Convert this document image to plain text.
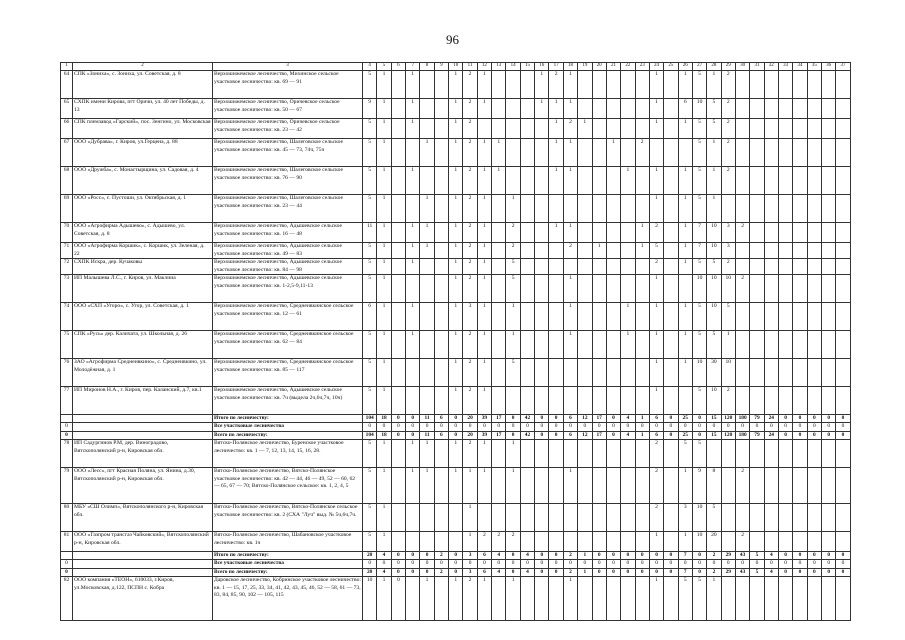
96
1	2	3	4	5	6	7	8	9	10	11	12	13	14	15	16	17	18	19	20	21	22	23	24	25	26	27	28	29	30	31	32	33	34	35	36	37
64	СПК «Зониха», с. Зониха, ул. Советская, д. 8	Верхошижемское лесничество, Михинское сельское участковое лесничество: кв. 69 — 91	5	1		1			1	2	1				1	2	1						1		1	5	1	2								
65	СХПК имени Кирова, пгт Оричи, ул. 40 лет Победы, д. 13	Верхошижемское лесничество, Оричевское сельское участковое лесничество: кв. 50 — 67	9	1		1			1	2	1				1	1	1						1		6	10	5	2								
66	СПК племзавод «Гарский», пос. Зенгино, ул. Московская	Верхошижемское лесничество, Оричевское сельское участковое лесничество: кв. 23 — 42	5	1		1			1	2						1	2	1					1		1	5	5	2								
67	ООО «Дубрава», г. Киров, ул.Герцена, д. 88	Верхошижемское лесничество, Шалеговское сельское участковое лесничество: кв. 45 — 73, 74ч, 75ч	5	1			1		1	2	1	1				1	1			1		2				5	1	2								
68	ООО «Дружба», с. Монастырщина, ул. Садовая, д. 4	Верхошижемское лесничество, Шалеговское сельское участковое лесничество: кв. 76 — 90	5	1		1			1	2	1	1				1	1				1		1		1	5	1	2								
69	ООО «Росс», с. Пустоши, ул. Октябрьская, д. 1	Верхошижемское лесничество, Шалеговское сельское участковое лесничество: кв. 23 — 44	5	1			1		1	2	1		1										1		1	5	1									
70	ООО «Агрофирма Адышево», с. Адышево, ул. Советская, д. 8	Верхошижемское лесничество, Адышевское сельское участковое лесничество: кв. 16 — 48	11	1		1	1		1	2	1		2			1	1					1	2		1	7	10	3	2							
71	ООО «Агрофирма Коршик», с. Коршик, ул. Зеленая, д. 22	Верхошижемское лесничество, Адышевское сельское участковое лесничество: кв. 49 — 83	5	1		1	1		1	2	1		2				2		1			1	5		1	7	10	3								
72	СХПК Искра, дер. Кучаковы	Верхошижемское лесничество, Адышевское сельское участковое лесничество: кв. 84 — 98	5	1		1			1	2	1		5										2		1	5	5	2								
73	ИП Малышева Л.С., г. Киров, ул. Маклина	Верхошижемское лесничество, Адышевское сельское участковое лесничество: кв. 1-2,5-9,11-13	5	1					1	2	1		5				1						1			10	10	10	2							
74	ООО «СХП «Угоро», с. Угор, ул. Советская, д. 1	Верхошижемское лесничество, Среднеивкинское сельское участковое лесничество: кв. 12 — 61	6	1		1			1	3	1		1				1				1		1		1	5	10	5								
75	СПК «Русь» дер. Каличата, ул. Школьная, д. 26	Верхошижемское лесничество, Среднеивкинское сельское участковое лесничество: кв. 62 — 84	5	1		1			1	2	1		1				1				1		1		1	5	5	1								
76	ЗАО «Агрофирма Среднеивкино», с. Среднеивкино, ул. Молодёжная, д. 1	Верхошижемское лесничество, Среднеивкинское сельское участковое лесничество: кв. 85 — 117	5	1					1	2	1		5										1		1	10	30	10								
77	ИП Миронов Н.А., г. Киров, пер. Каланский, д.7, кв.1	Верхошижемское лесничество, Адышевское сельское участковое лесничество: кв. 7ч (выдела 2ч,6ч,7ч, 10ч)	5	1					1	2	1												1			5	10	2								
		Итого по лесничеству:	104	18	0	0	11	6	0	20	39	17	0	42	0	0	6	12	17	0	4	1	6	0	25	0	15	120	180	79	24	0	0	0	0	0
0		Все участковые лесничества	0	0	0	0	0	0	0	0	0	0	0	0	0	0	0	0	0	0	0	0	0	0	0	0	0	0	0	0	0	0	0	0	0	0
0		Всего по лесничеству:	104	18	0	0	11	6	0	20	39	17	0	42	0	0	6	12	17	0	4	1	6	0	25	0	15	120	180	79	24	0	0	0	0	0
78	ИП Садургинов Р.М, дер. Виноградово, Вятскополянский р-н, Кировская обл.	Вятско-Полянское лесничество, Буренское участковое лесничество: кв. 1 — 7, 12, 13, 14, 15, 16, 28.	5	1		1	1		1	2	1		1										2		5	5										
79	ООО «Лесс», пгт Красная Поляна, ул. Янина, д.30, Вятскополянский р-н, Кировская обл.	Вятско-Полянское лесничество, Вятско-Полянское участковое лесничество: кв. 42 — 44, 46 — 49, 52 — 60, 62 — 65, 67 — 70; Вятско-Полянское сельское: кв. 1, 2, 4, 5	5	1		1	1		1	1	1		1				1						2		1	9	8		2							
80	МБУ «СШ Олимп», Вятскополянского р-н, Кировская обл.	Вятско-Полянское лесничество, Вятско-Полянское сельское участковое лесничество: кв. 2 (СХА "Луч" выд. № 5ч,6ч,7ч.	5	1						1													2		3	10	5									
81	ООО «Газпром трансгаз Чайковский», Вятскополянский р-н, Кировская обл.	Вятско-Полянское лесничество, Шабановское участковое лесничество: кв. 1ч	5	1						1	2	2	2										1		1	10	20		2							
		Итого по лесничеству:	20	4	0	0	0	2	0	3	6	4	0	4	0	0	2	1	0	0	0	0	0	0	7	0	2	29	43	5	4	0	0	0	0	0
0		Все участковые лесничества	0	0	0	0	0	0	0	0	0	0	0	0	0	0	0	0	0	0	0	0	0	0	0	0	0	0	0	0	0	0	0	0	0	0
0		Всего по лесничеству:	20	4	0	0	0	2	0	3	6	4	0	4	0	0	2	1	0	0	0	0	0	0	7	0	2	29	43	5	4	0	0	0	0	0
82	ООО компания «ТЕОН», 610033, г.Киров, ул.Московская, д.122, ПСПН с. Кобра	Даровское лесничество, Кобринское участковое лесничество: кв. 1 — 15, 17, 25, 33, 34, 41, 42, 43, 45, 46, 52 — 58, 61 — 73, 83, 84, 85, 90, 102 — 105, 115	10	1	0		1		1	2	1		1				1						1		5	5	1									
